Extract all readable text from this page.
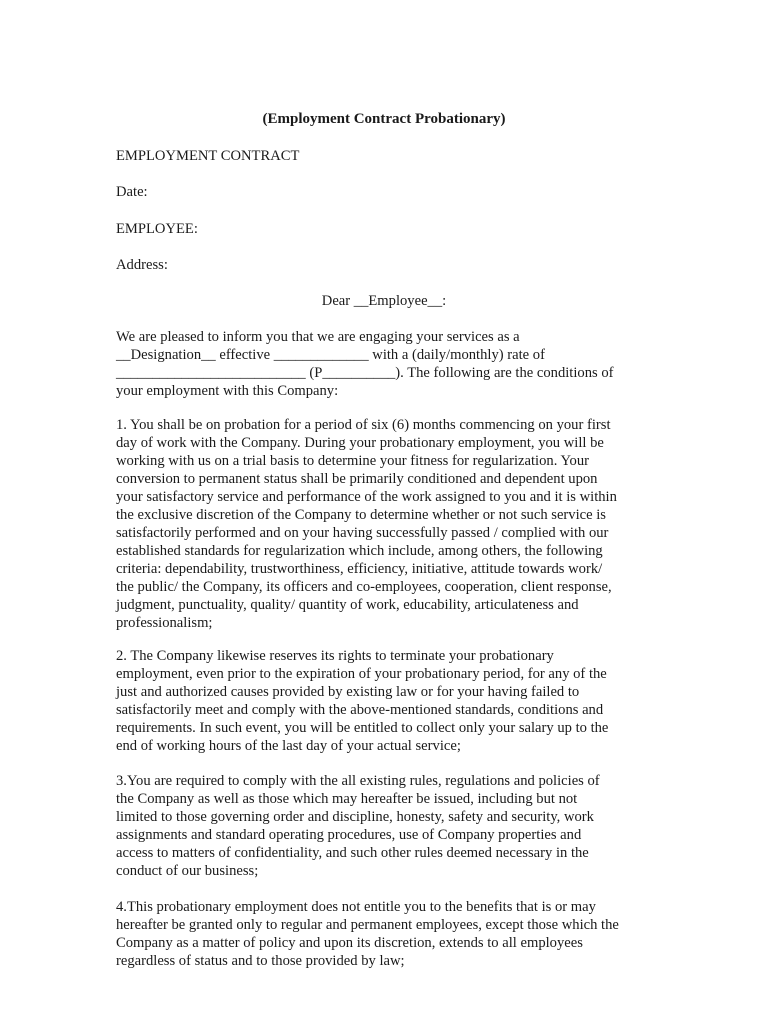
(Employment Contract Probationary)
EMPLOYMENT CONTRACT
Date:
EMPLOYEE:
Address:
Dear __Employee__:
We are pleased to inform you that we are engaging your services as a
__Designation__ effective _____________ with a (daily/monthly) rate of
__________________________ (P__________). The following are the conditions of
your employment with this Company:
1. You shall be on probation for a period of six (6) months commencing on your first
day of work with the Company. During your probationary employment, you will be
working with us on a trial basis to determine your fitness for regularization. Your
conversion to permanent status shall be primarily conditioned and dependent upon
your satisfactory service and performance of the work assigned to you and it is within
the exclusive discretion of the Company to determine whether or not such service is
satisfactorily performed and on your having successfully passed / complied with our
established standards for regularization which include, among others, the following
criteria: dependability, trustworthiness, efficiency, initiative, attitude towards work/
the public/ the Company, its officers and co-employees, cooperation, client response,
judgment, punctuality, quality/ quantity of work, educability, articulateness and
professionalism;
2. The Company likewise reserves its rights to terminate your probationary
employment, even prior to the expiration of your probationary period, for any of the
just and authorized causes provided by existing law or for your having failed to
satisfactorily meet and comply with the above-mentioned standards, conditions and
requirements. In such event, you will be entitled to collect only your salary up to the
end of working hours of the last day of your actual service;
3.You are required to comply with the all existing rules, regulations and policies of
the Company as well as those which may hereafter be issued, including but not
limited to those governing order and discipline, honesty, safety and security, work
assignments and standard operating procedures, use of Company properties and
access to matters of confidentiality, and such other rules deemed necessary in the
conduct of our business;
4.This probationary employment does not entitle you to the benefits that is or may
hereafter be granted only to regular and permanent employees, except those which the
Company as a matter of policy and upon its discretion, extends to all employees
regardless of status and to those provided by law;
